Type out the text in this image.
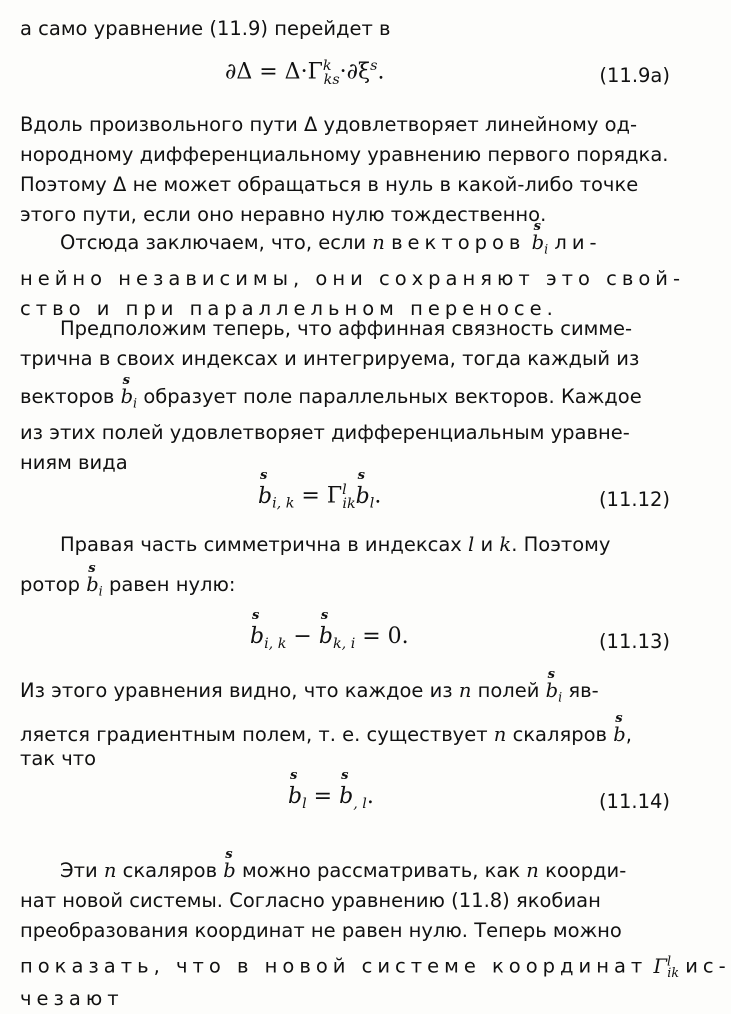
а само уравнение (11.9) перейдет в

$\partial\Delta = \Delta\cdot\Gamma^k_{ks}\cdot\partial\xi^s$.	(11.9а)

Вдоль произвольного пути Δ удовлетворяет линейному од-
нородному дифференциальному уравнению первого порядка.
Поэтому Δ не может обращаться в нуль в какой-либо точке
этого пути, если оно неравно нулю тождественно.

Отсюда заключаем, что, если n векторов s $b_i$ ли-
нейно независимы, они сохраняют это свой-
ство и при параллельном переносе.

Предположим теперь, что аффинная связность симме-
трична в своих индексах и интегрируема, тогда каждый из
векторов s $b_i$ образует поле параллельных векторов. Каждое
из этих полей удовлетворяет дифференциальным уравне-
ниям вида

s $b_{i, k} = \Gamma^l_{ik}s$ $b_l$.	(11.12)

Правая часть симметрична в индексах l и k. Поэтому
ротор s $b_i$ равен нулю:

s $b_{i, k} - s$ $b_{k, i} = 0$.	(11.13)

Из этого уравнения видно, что каждое из n полей s $b_i$ яв-
ляется градиентным полем, т. е. существует n скаляров s b,
так что

s $b_l = s$ $b_{, l}$.	(11.14)

Эти n скаляров s b можно рассматривать, как n коорди-
нат новой системы. Согласно уравнению (11.8) якобиан
преобразования координат не равен нулю. Теперь можно
показать, что в новой системе координат $\Gamma^l_{ik}$ ис-
чезают
